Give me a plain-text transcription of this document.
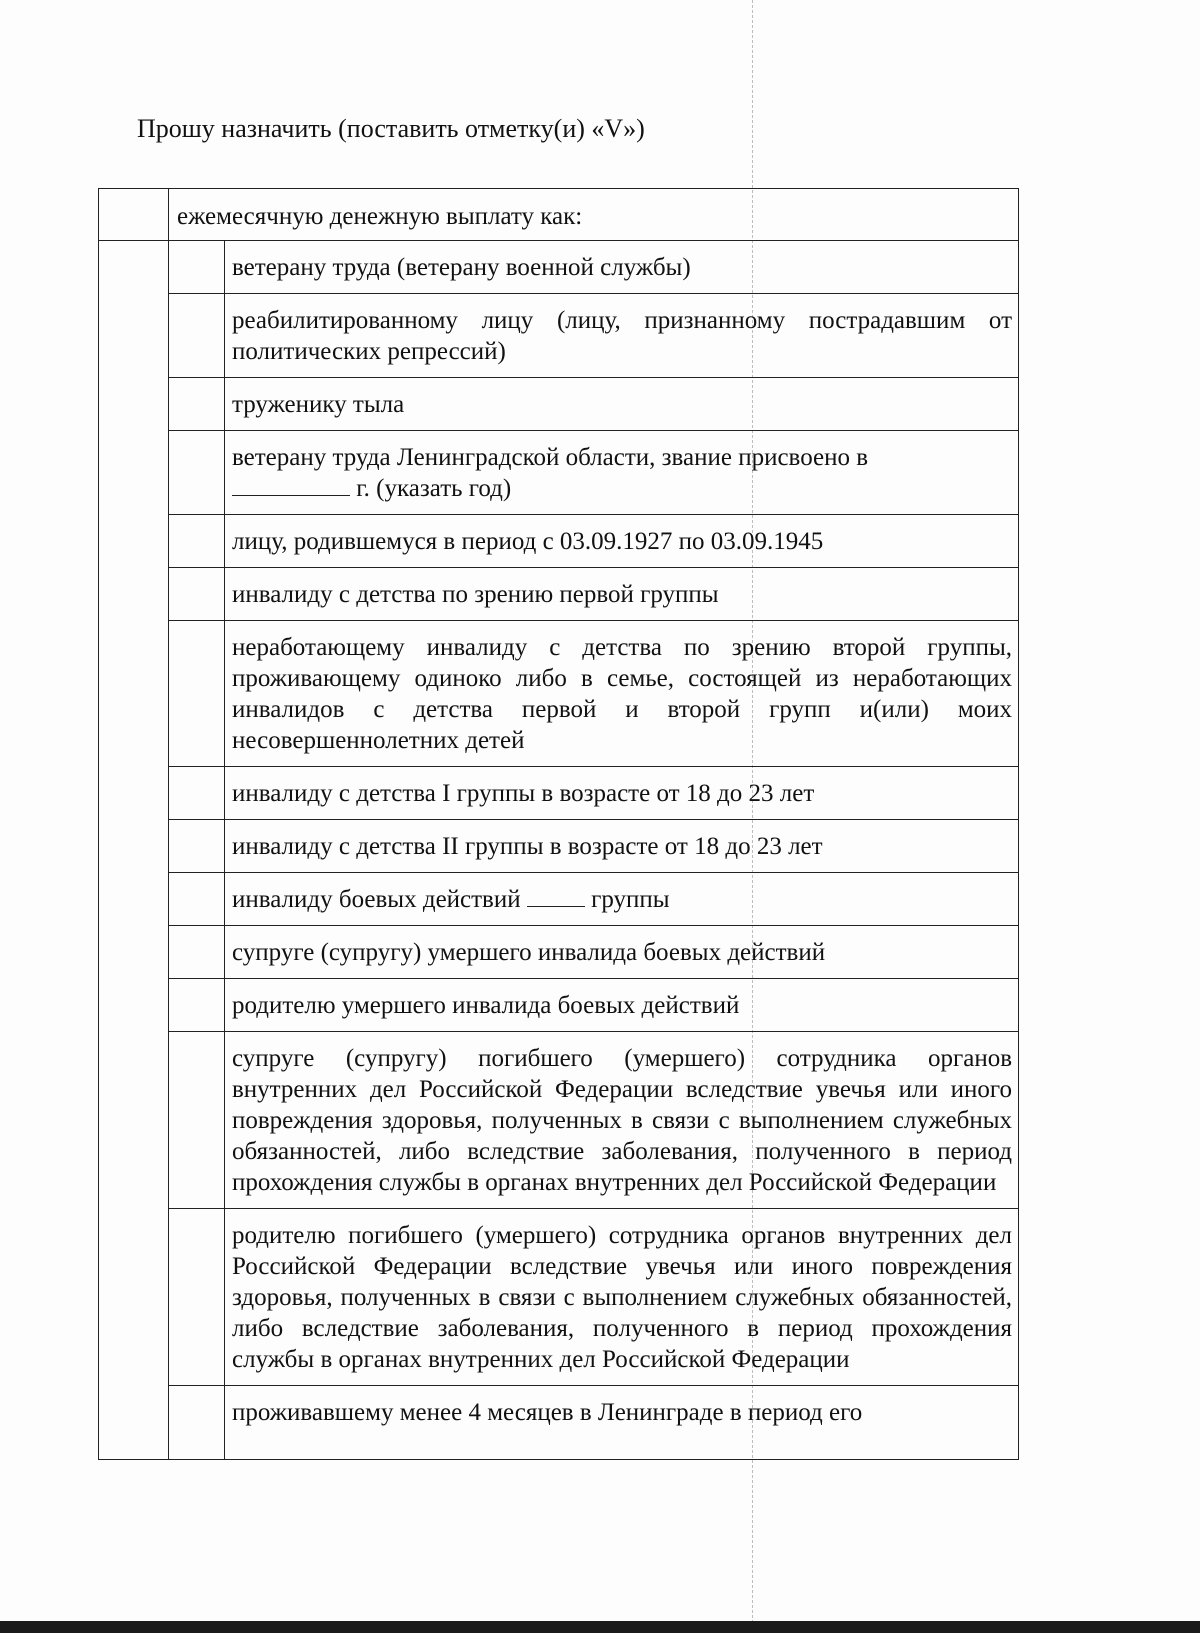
Прошу назначить (поставить отметку(и) «V»)
	ежемесячную денежную выплату как:	
		ветерану труда (ветерану военной службы)
		реабилитированному лицу (лицу, признанному пострадавшим от политических репрессий)
		труженику тыла
		ветерану труда Ленинградской области, звание присвоено в
г. (указать год)
		лицу, родившемуся в период с 03.09.1927 по 03.09.1945
		инвалиду с детства по зрению первой группы
		неработающему инвалиду с детства по зрению второй группы, проживающему одиноко либо в семье, состоящей из неработающих инвалидов с детства первой и второй групп и(или) моих несовершеннолетних детей
		инвалиду с детства I группы в возрасте от 18 до 23 лет
		инвалиду с детства II группы в возрасте от 18 до 23 лет
		инвалиду боевых действий группы
		супруге (супругу) умершего инвалида боевых действий
		родителю умершего инвалида боевых действий
		супруге (супругу) погибшего (умершего) сотрудника органов внутренних дел Российской Федерации вследствие увечья или иного повреждения здоровья, полученных в связи с выполнением служебных обязанностей, либо вследствие заболевания, полученного в период прохождения службы в органах внутренних дел Российской Федерации
		родителю погибшего (умершего) сотрудника органов внутренних дел Российской Федерации вследствие увечья или иного повреждения здоровья, полученных в связи с выполнением служебных обязанностей, либо вследствие заболевания, полученного в период прохождения службы в органах внутренних дел Российской Федерации
		проживавшему менее 4 месяцев в Ленинграде в период его
